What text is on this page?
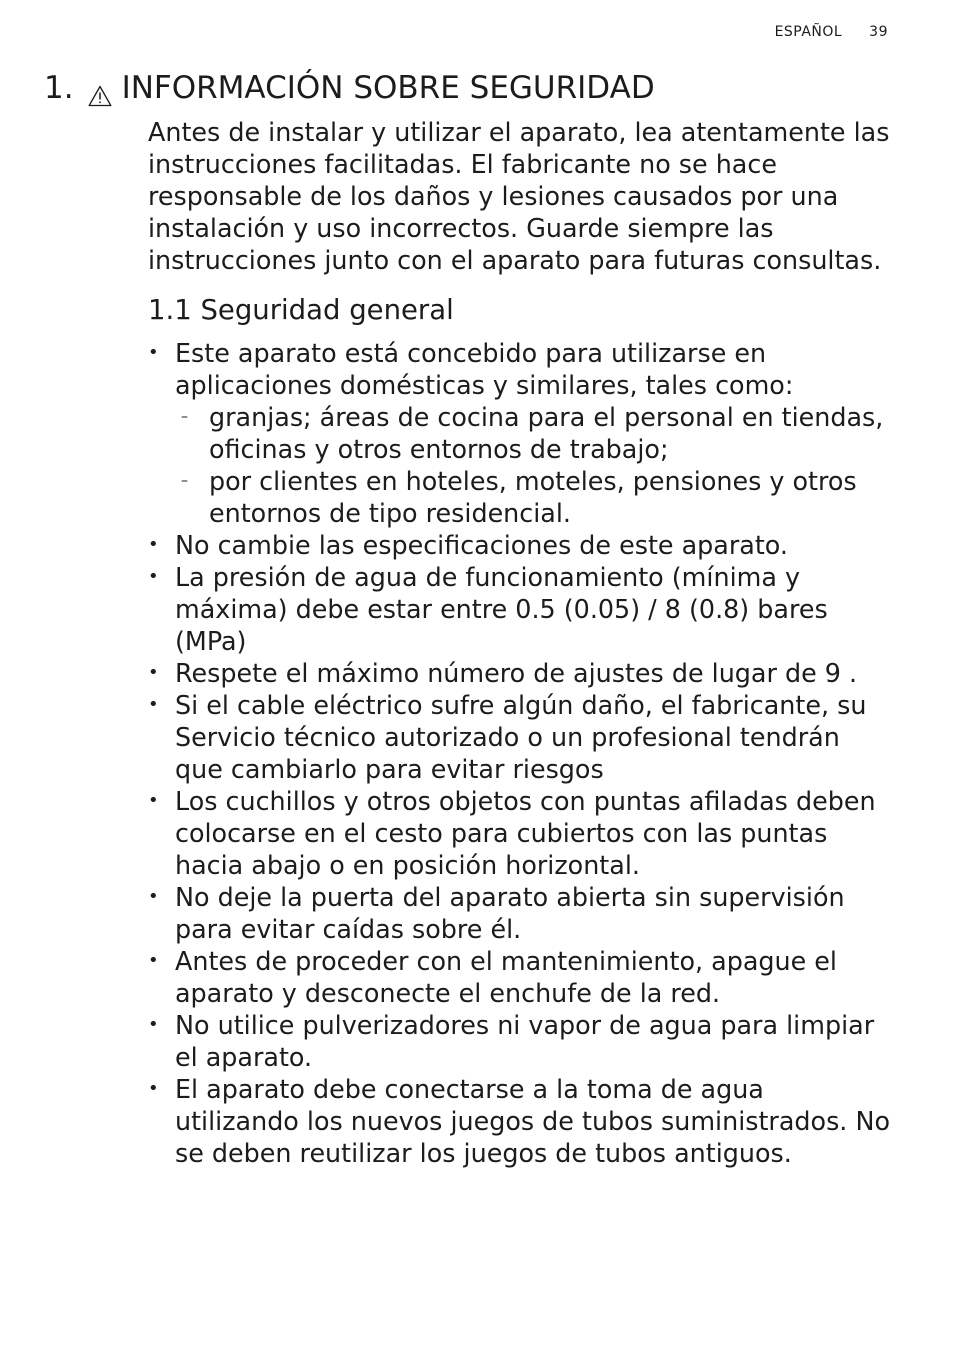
ESPAÑOL 39
1. INFORMACIÓN SOBRE SEGURIDAD

Antes de instalar y utilizar el aparato, lea atentamente las instrucciones facilitadas. El fabricante no se hace responsable de los daños y lesiones causados por una instalación y uso incorrectos. Guarde siempre las instrucciones junto con el aparato para futuras consultas.

1.1 Seguridad general
• Este aparato está concebido para utilizarse en aplicaciones domésticas y similares, tales como:
– granjas; áreas de cocina para el personal en tiendas, oficinas y otros entornos de trabajo;
– por clientes en hoteles, moteles, pensiones y otros entornos de tipo residencial.
• No cambie las especificaciones de este aparato.
• La presión de agua de funcionamiento (mínima y máxima) debe estar entre 0.5 (0.05) / 8 (0.8) bares (MPa)
• Respete el máximo número de ajustes de lugar de 9 .
• Si el cable eléctrico sufre algún daño, el fabricante, su Servicio técnico autorizado o un profesional tendrán que cambiarlo para evitar riesgos
• Los cuchillos y otros objetos con puntas afiladas deben colocarse en el cesto para cubiertos con las puntas hacia abajo o en posición horizontal.
• No deje la puerta del aparato abierta sin supervisión para evitar caídas sobre él.
• Antes de proceder con el mantenimiento, apague el aparato y desconecte el enchufe de la red.
• No utilice pulverizadores ni vapor de agua para limpiar el aparato.
• El aparato debe conectarse a la toma de agua utilizando los nuevos juegos de tubos suministrados. No se deben reutilizar los juegos de tubos antiguos.
